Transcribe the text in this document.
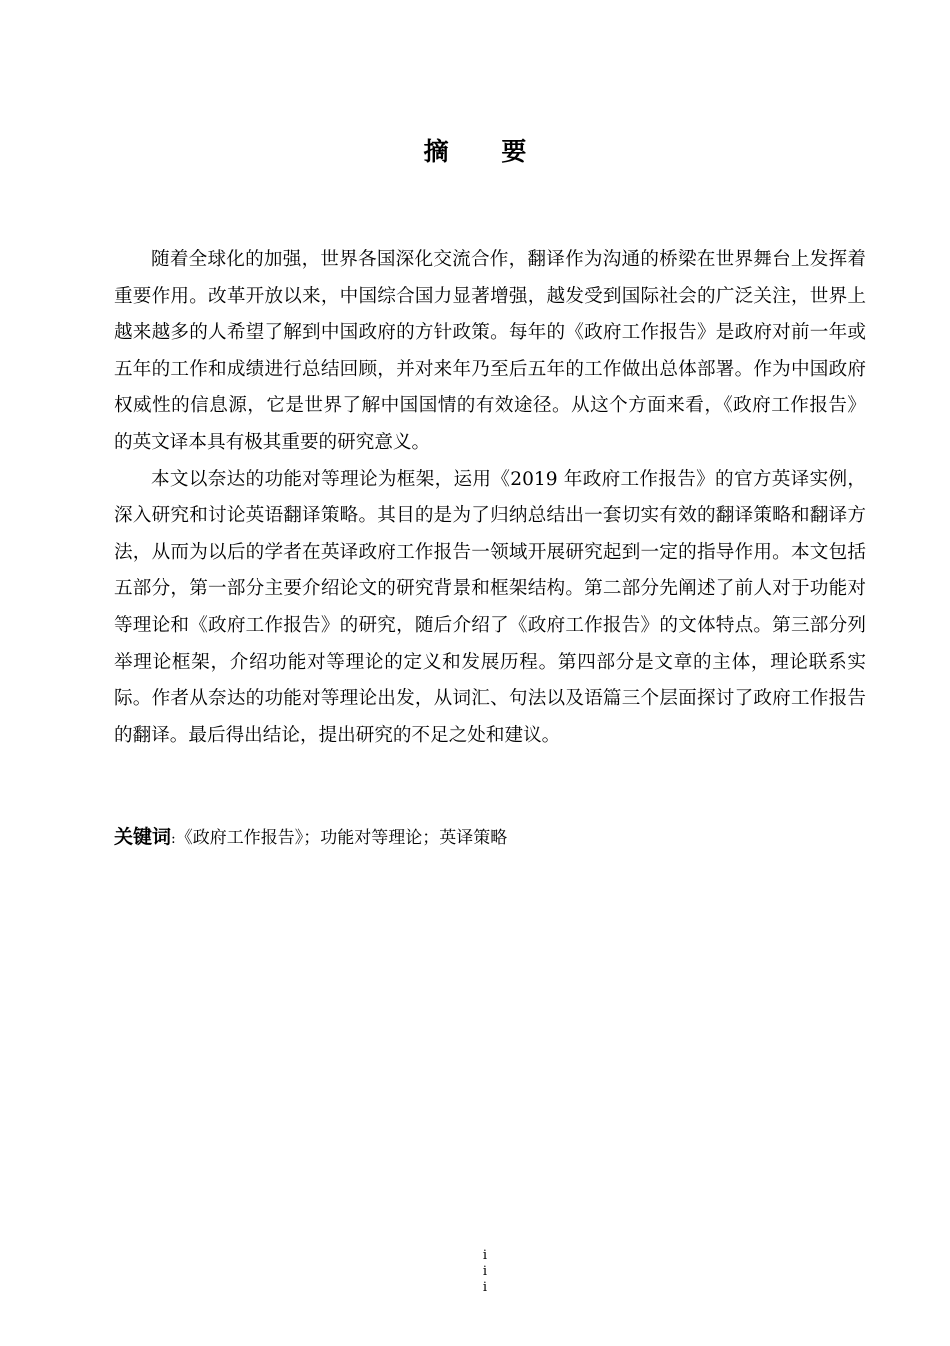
摘 要

随着全球化的加强，世界各国深化交流合作，翻译作为沟通的桥梁在世界舞台上发挥着重要作用。改革开放以来，中国综合国力显著增强，越发受到国际社会的广泛关注，世界上越来越多的人希望了解到中国政府的方针政策。每年的《政府工作报告》是政府对前一年或五年的工作和成绩进行总结回顾，并对来年乃至后五年的工作做出总体部署。作为中国政府权威性的信息源，它是世界了解中国国情的有效途径。从这个方面来看，《政府工作报告》的英文译本具有极其重要的研究意义。

本文以奈达的功能对等理论为框架，运用《2019 年政府工作报告》的官方英译实例，深入研究和讨论英语翻译策略。其目的是为了归纳总结出一套切实有效的翻译策略和翻译方法，从而为以后的学者在英译政府工作报告一领域开展研究起到一定的指导作用。本文包括五部分，第一部分主要介绍论文的研究背景和框架结构。第二部分先阐述了前人对于功能对等理论和《政府工作报告》的研究，随后介绍了《政府工作报告》的文体特点。第三部分列举理论框架，介绍功能对等理论的定义和发展历程。第四部分是文章的主体，理论联系实际。作者从奈达的功能对等理论出发，从词汇、句法以及语篇三个层面探讨了政府工作报告的翻译。最后得出结论，提出研究的不足之处和建议。

关键词:《政府工作报告》；功能对等理论；英译策略
i
i
i
